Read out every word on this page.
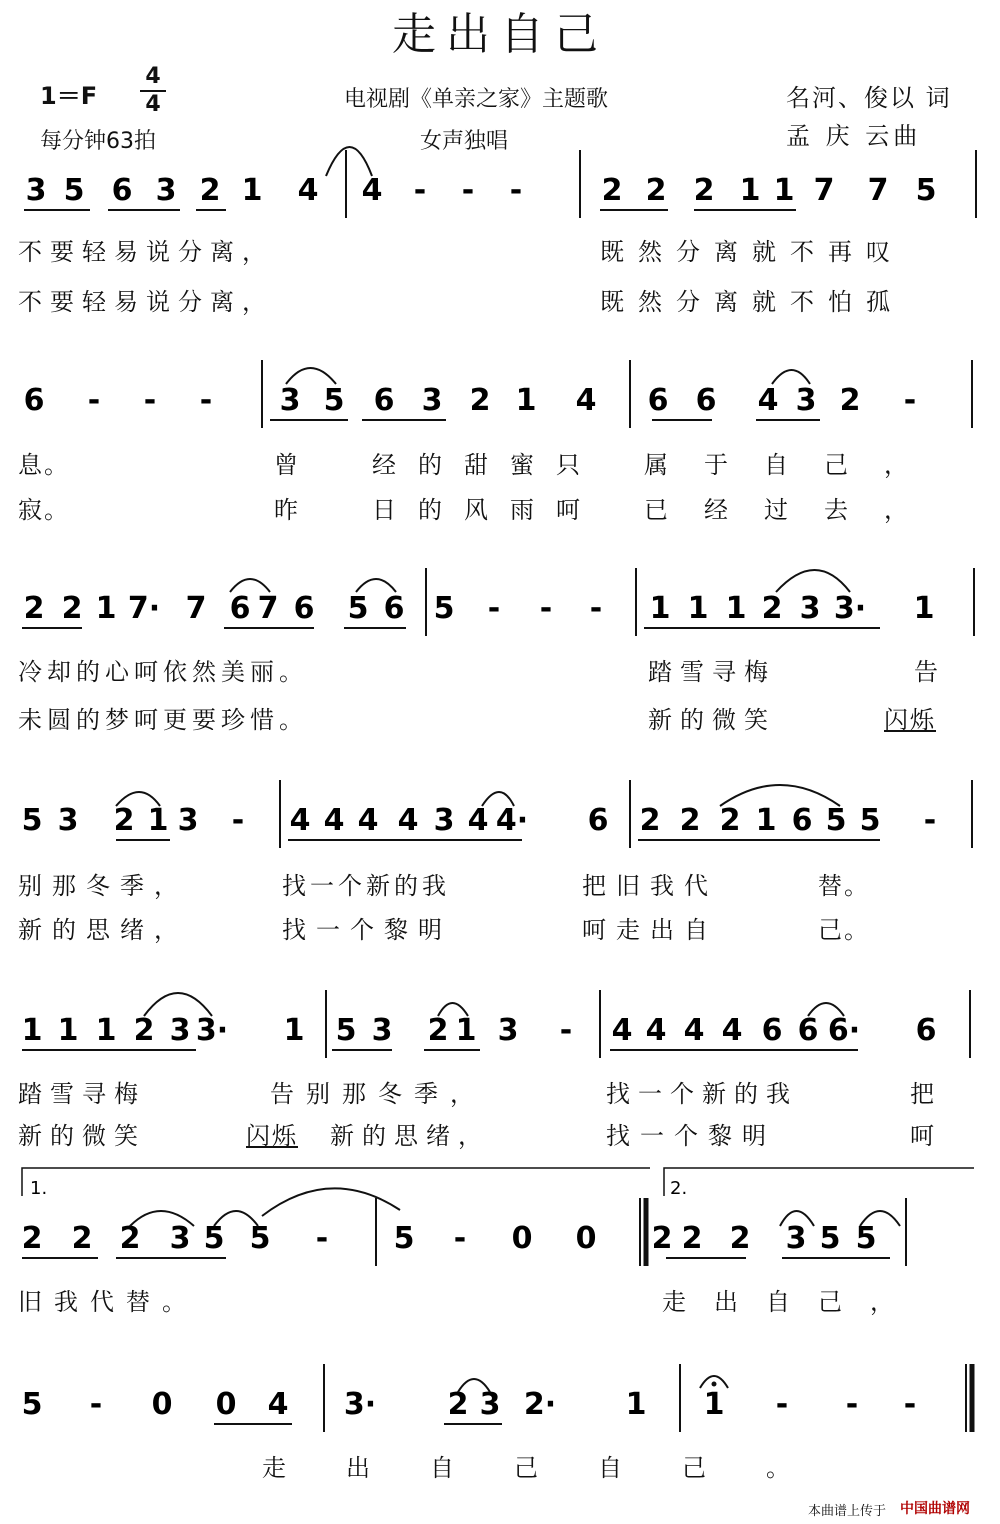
走出自己
1＝F
4
4
每分钟63拍
电视剧《单亲之家》主题歌
女声独唱
名河、俊以 词
孟 庆 云曲
3 5 6 3 2 1 4 4 - - -	2 2 2 1 1 7 7 5
6 - - - 3 5 6 3 2 1 4 6 6 4 3 2 -
2 2 1 7· 7 6 7 6 5 6 5 - - - 1 1 1 2 3 3· 1
5 3 2 1 3 - 4 4 4 4 3 4 4· 6 2 2 2 1 6 5 5 -
1 1 1 2 3 3· 1 5 3 2 1 3 - 4 4 4 4 6 6 6· 6
2 2 2 3 5 5 - 5 - 0 0 2 2 2 3 5 5
5 - 0 0 4 3· 2 3 2· 1 1 - - -
1.	2.
不要轻易说分离，	既然分离就不再叹
不要轻易说分离，	既然分离就不怕孤
息。	曾	经的甜蜜只 属于自己，
寂。	昨	日的风雨呵 已经过去，
冷却的心呵依然美丽。	踏雪寻梅	告
未圆的梦呵更要珍惜。	新的微笑	闪烁
别那冬季，	找一个新的我	把旧我代	替。
新的思绪，	找一个黎明	呵走出自	己。
踏雪寻梅	告别那冬季，	找一个新的我	把
新的微笑	闪烁 新的思绪，	找一个黎明	呵
旧我代替。	走出自己，
走出自己自己。
本曲谱上传于 中国曲谱网
